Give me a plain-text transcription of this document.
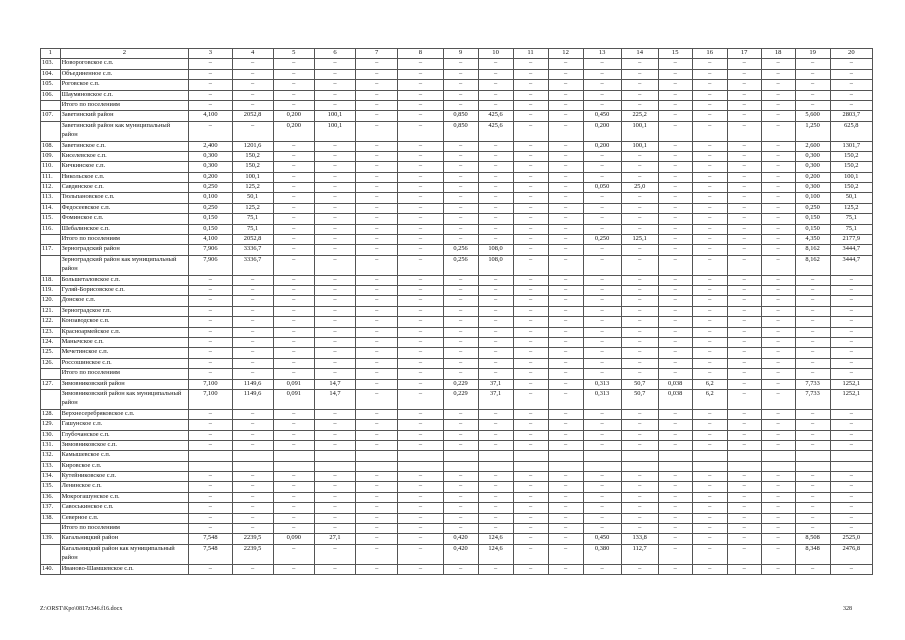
1	2	3	4	5	6	7	8	9	10	11	12	13	14	15	16	17	18	19	20
103.	Новороговское с.п.	–	–	–	–	–	–	–	–	–	–	–	–	–	–	–	–	–	–
104.	Объединенное с.п.	–	–	–	–	–	–	–	–	–	–	–	–	–	–	–	–	–	–
105.	Роговское с.п.	–	–	–	–	–	–	–	–	–	–	–	–	–	–	–	–	–	–
106.	Шаумяновское с.п.	–	–	–	–	–	–	–	–	–	–	–	–	–	–	–	–	–	–
	Итого по поселениям	–	–	–	–	–	–	–	–	–	–	–	–	–	–	–	–	–	–
107.	Заветинский район	4,100	2052,8	0,200	100,1	–	–	0,850	425,6	–	–	0,450	225,2	–	–	–	–	5,600	2803,7
	Заветинский район как муниципальный район	–	–	0,200	100,1	–	–	0,850	425,6	–	–	0,200	100,1	–	–	–	–	1,250	625,8
108.	Заветинское с.п.	2,400	1201,6	–	–	–	–	–	–	–	–	0,200	100,1	–	–	–	–	2,600	1301,7
109.	Киселевское с.п.	0,300	150,2	–	–	–	–	–	–	–	–	–	–	–	–	–	–	0,300	150,2
110.	Кичкинское с.п.	0,300	150,2	–	–	–	–	–	–	–	–	–	–	–	–	–	–	0,300	150,2
111.	Никольское с.п.	0,200	100,1	–	–	–	–	–	–	–	–	–	–	–	–	–	–	0,200	100,1
112.	Савдянское с.п.	0,250	125,2	–	–	–	–	–	–	–	–	0,050	25,0	–	–	–	–	0,300	150,2
113.	Тюльпановское с.п.	0,100	50,1	–	–	–	–	–	–	–	–	–	–	–	–	–	–	0,100	50,1
114.	Федосеевское с.п.	0,250	125,2	–	–	–	–	–	–	–	–	–	–	–	–	–	–	0,250	125,2
115.	Фоминское с.п.	0,150	75,1	–	–	–	–	–	–	–	–	–	–	–	–	–	–	0,150	75,1
116.	Шебалинское с.п.	0,150	75,1	–	–	–	–	–	–	–	–	–	–	–	–	–	–	0,150	75,1
	Итого по поселениям	4,100	2052,8	–	–	–	–	–	–	–	–	0,250	125,1	–	–	–	–	4,350	2177,9
117.	Зерноградский район	7,906	3336,7	–	–	–	–	0,256	108,0	–	–	–	–	–	–	–	–	8,162	3444,7
	Зерноградский район как муниципальный район	7,906	3336,7	–	–	–	–	0,256	108,0	–	–	–	–	–	–	–	–	8,162	3444,7
118.	Большеталовское с.п.	–	–	–	–	–	–	–	–	–	–	–	–	–	–	–	–	–	–
119.	Гуляй-Борисовское с.п.	–	–	–	–	–	–	–	–	–	–	–	–	–	–	–	–	–	–
120.	Донское с.п.	–	–	–	–	–	–	–	–	–	–	–	–	–	–	–	–	–	–
121.	Зерноградское г.п.	–	–	–	–	–	–	–	–	–	–	–	–	–	–	–	–	–	–
122.	Конзаводское с.п.	–	–	–	–	–	–	–	–	–	–	–	–	–	–	–	–	–	–
123.	Красноармейское с.п.	–	–	–	–	–	–	–	–	–	–	–	–	–	–	–	–	–	–
124.	Манычское с.п.	–	–	–	–	–	–	–	–	–	–	–	–	–	–	–	–	–	–
125.	Мечетинское с.п.	–	–	–	–	–	–	–	–	–	–	–	–	–	–	–	–	–	–
126.	Россошинское с.п.	–	–	–	–	–	–	–	–	–	–	–	–	–	–	–	–	–	–
	Итого по поселениям	–	–	–	–	–	–	–	–	–	–	–	–	–	–	–	–	–	–
127.	Зимовниковский район	7,100	1149,6	0,091	14,7	–	–	0,229	37,1	–	–	0,313	50,7	0,038	6,2	–	–	7,733	1252,1
	Зимовниковский район как муниципальный район	7,100	1149,6	0,091	14,7	–	–	0,229	37,1	–	–	0,313	50,7	0,038	6,2	–	–	7,733	1252,1
128.	Верхнесеребряковское с.п.	–	–	–	–	–	–	–	–	–	–	–	–	–	–	–	–	–	–
129.	Гашунское с.п.	–	–	–	–	–	–	–	–	–	–	–	–	–	–	–	–	–	–
130.	Глубочанское с.п.	–	–	–	–	–	–	–	–	–	–	–	–	–	–	–	–	–	–
131.	Зимовниковское с.п.	–	–	–	–	–	–	–	–	–	–	–	–	–	–	–	–	–	–
132.	Камышевское с.п.																		
133.	Кировское с.п.																		
134.	Кутейниковское с.п.	–	–	–	–	–	–	–	–	–	–	–	–	–	–	–	–	–	–
135.	Ленинское с.п.	–	–	–	–	–	–	–	–	–	–	–	–	–	–	–	–	–	–
136.	Мокрогашунское с.п.	–	–	–	–	–	–	–	–	–	–	–	–	–	–	–	–	–	–
137.	Савоськинское с.п.	–	–	–	–	–	–	–	–	–	–	–	–	–	–	–	–	–	–
138.	Северное с.п.	–	–	–	–	–	–	–	–	–	–	–	–	–	–	–	–	–	–
	Итого по поселениям	–	–	–	–	–	–	–	–	–	–	–	–	–	–	–	–	–	–
139.	Кагальницкий район	7,548	2239,5	0,090	27,1	–	–	0,420	124,6	–	–	0,450	133,8	–	–	–	–	8,508	2525,0
	Кагальницкий район как муниципальный район	7,548	2239,5	–	–	–	–	0,420	124,6	–	–	0,380	112,7	–	–	–	–	8,348	2476,8
140.	Ивановo-Шамшевское с.п.	–	–	–	–	–	–	–	–	–	–	–	–	–	–	–	–	–	–
Z:\ORST\Kpo\0817z346.f16.docx	328
